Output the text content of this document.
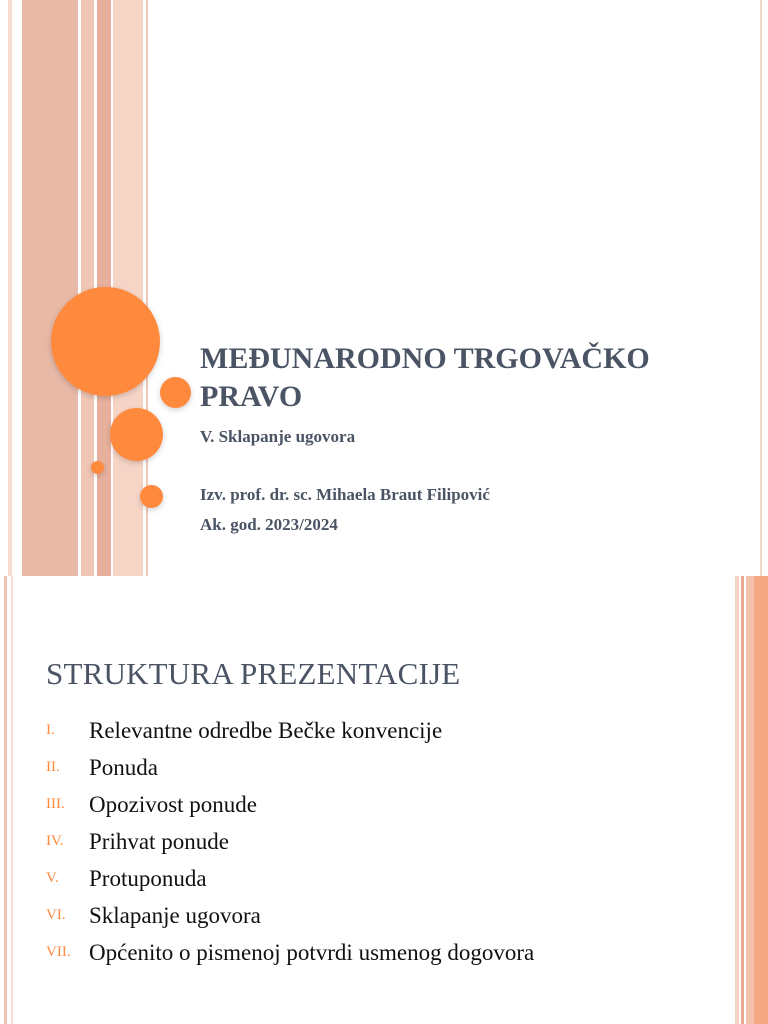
MEĐUNARODNO TRGOVAČKO PRAVO

V. Sklapanje ugovora

Izv. prof. dr. sc. Mihaela Braut Filipović

Ak. god. 2023/2024

STRUKTURA PREZENTACIJE
I.	Relevantne odredbe Bečke konvencije
II.	Ponuda
III.	Opozivost ponude
IV.	Prihvat ponude
V.	Protuponuda
VI.	Sklapanje ugovora
VII. Općenito o pismenoj potvrdi usmenog dogovora
